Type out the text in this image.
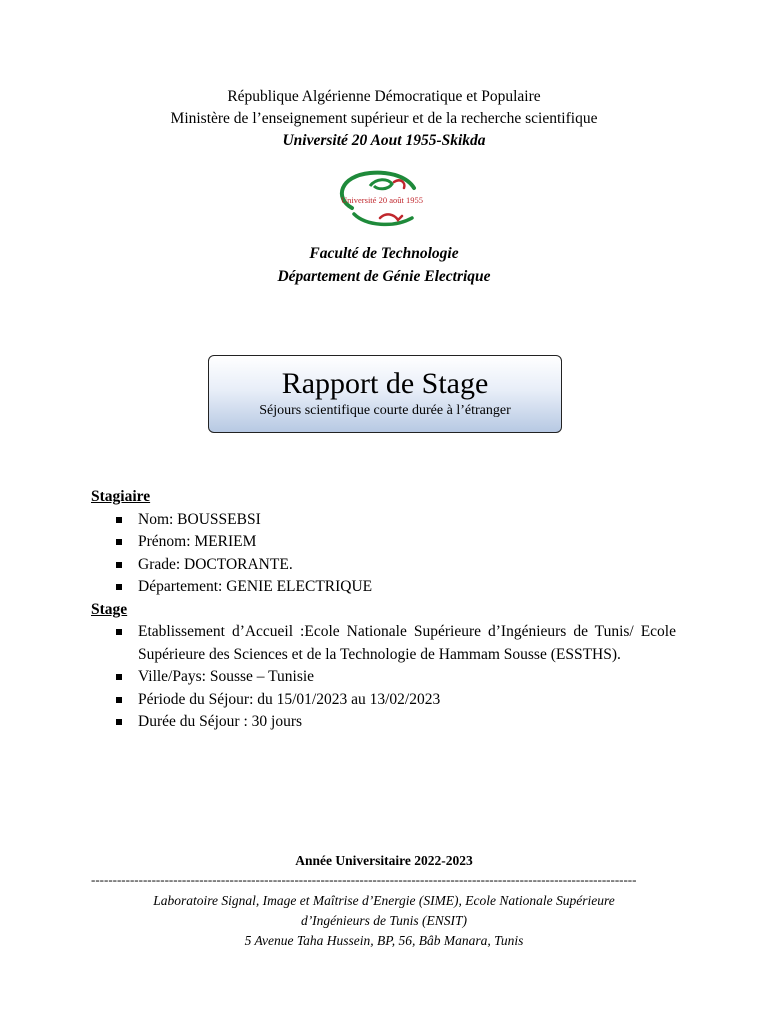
République Algérienne Démocratique et Populaire
Ministère de l’enseignement supérieur et de la recherche scientifique
Université 20 Aout 1955-Skikda
Université 20 août 1955
Faculté de Technologie
Département de Génie Electrique
Rapport de Stage
Séjours scientifique courte durée à l’étranger
Stagiaire
Nom: BOUSSEBSI
Prénom: MERIEM
Grade: DOCTORANTE.
Département: GENIE ELECTRIQUE
Stage
Etablissement d’Accueil :Ecole Nationale Supérieure d’Ingénieurs de Tunis/ Ecole Supérieure des Sciences et de la Technologie de Hammam Sousse (ESSTHS).
Ville/Pays: Sousse – Tunisie
Période du Séjour: du 15/01/2023 au 13/02/2023
Durée du Séjour : 30 jours
Année Universitaire 2022-2023
------------------------------------------------------------------------------------------------------------------------------
Laboratoire Signal, Image et Maîtrise d’Energie (SIME), Ecole Nationale Supérieure
d’Ingénieurs de Tunis (ENSIT)
5 Avenue Taha Hussein, BP, 56, Bâb Manara, Tunis
